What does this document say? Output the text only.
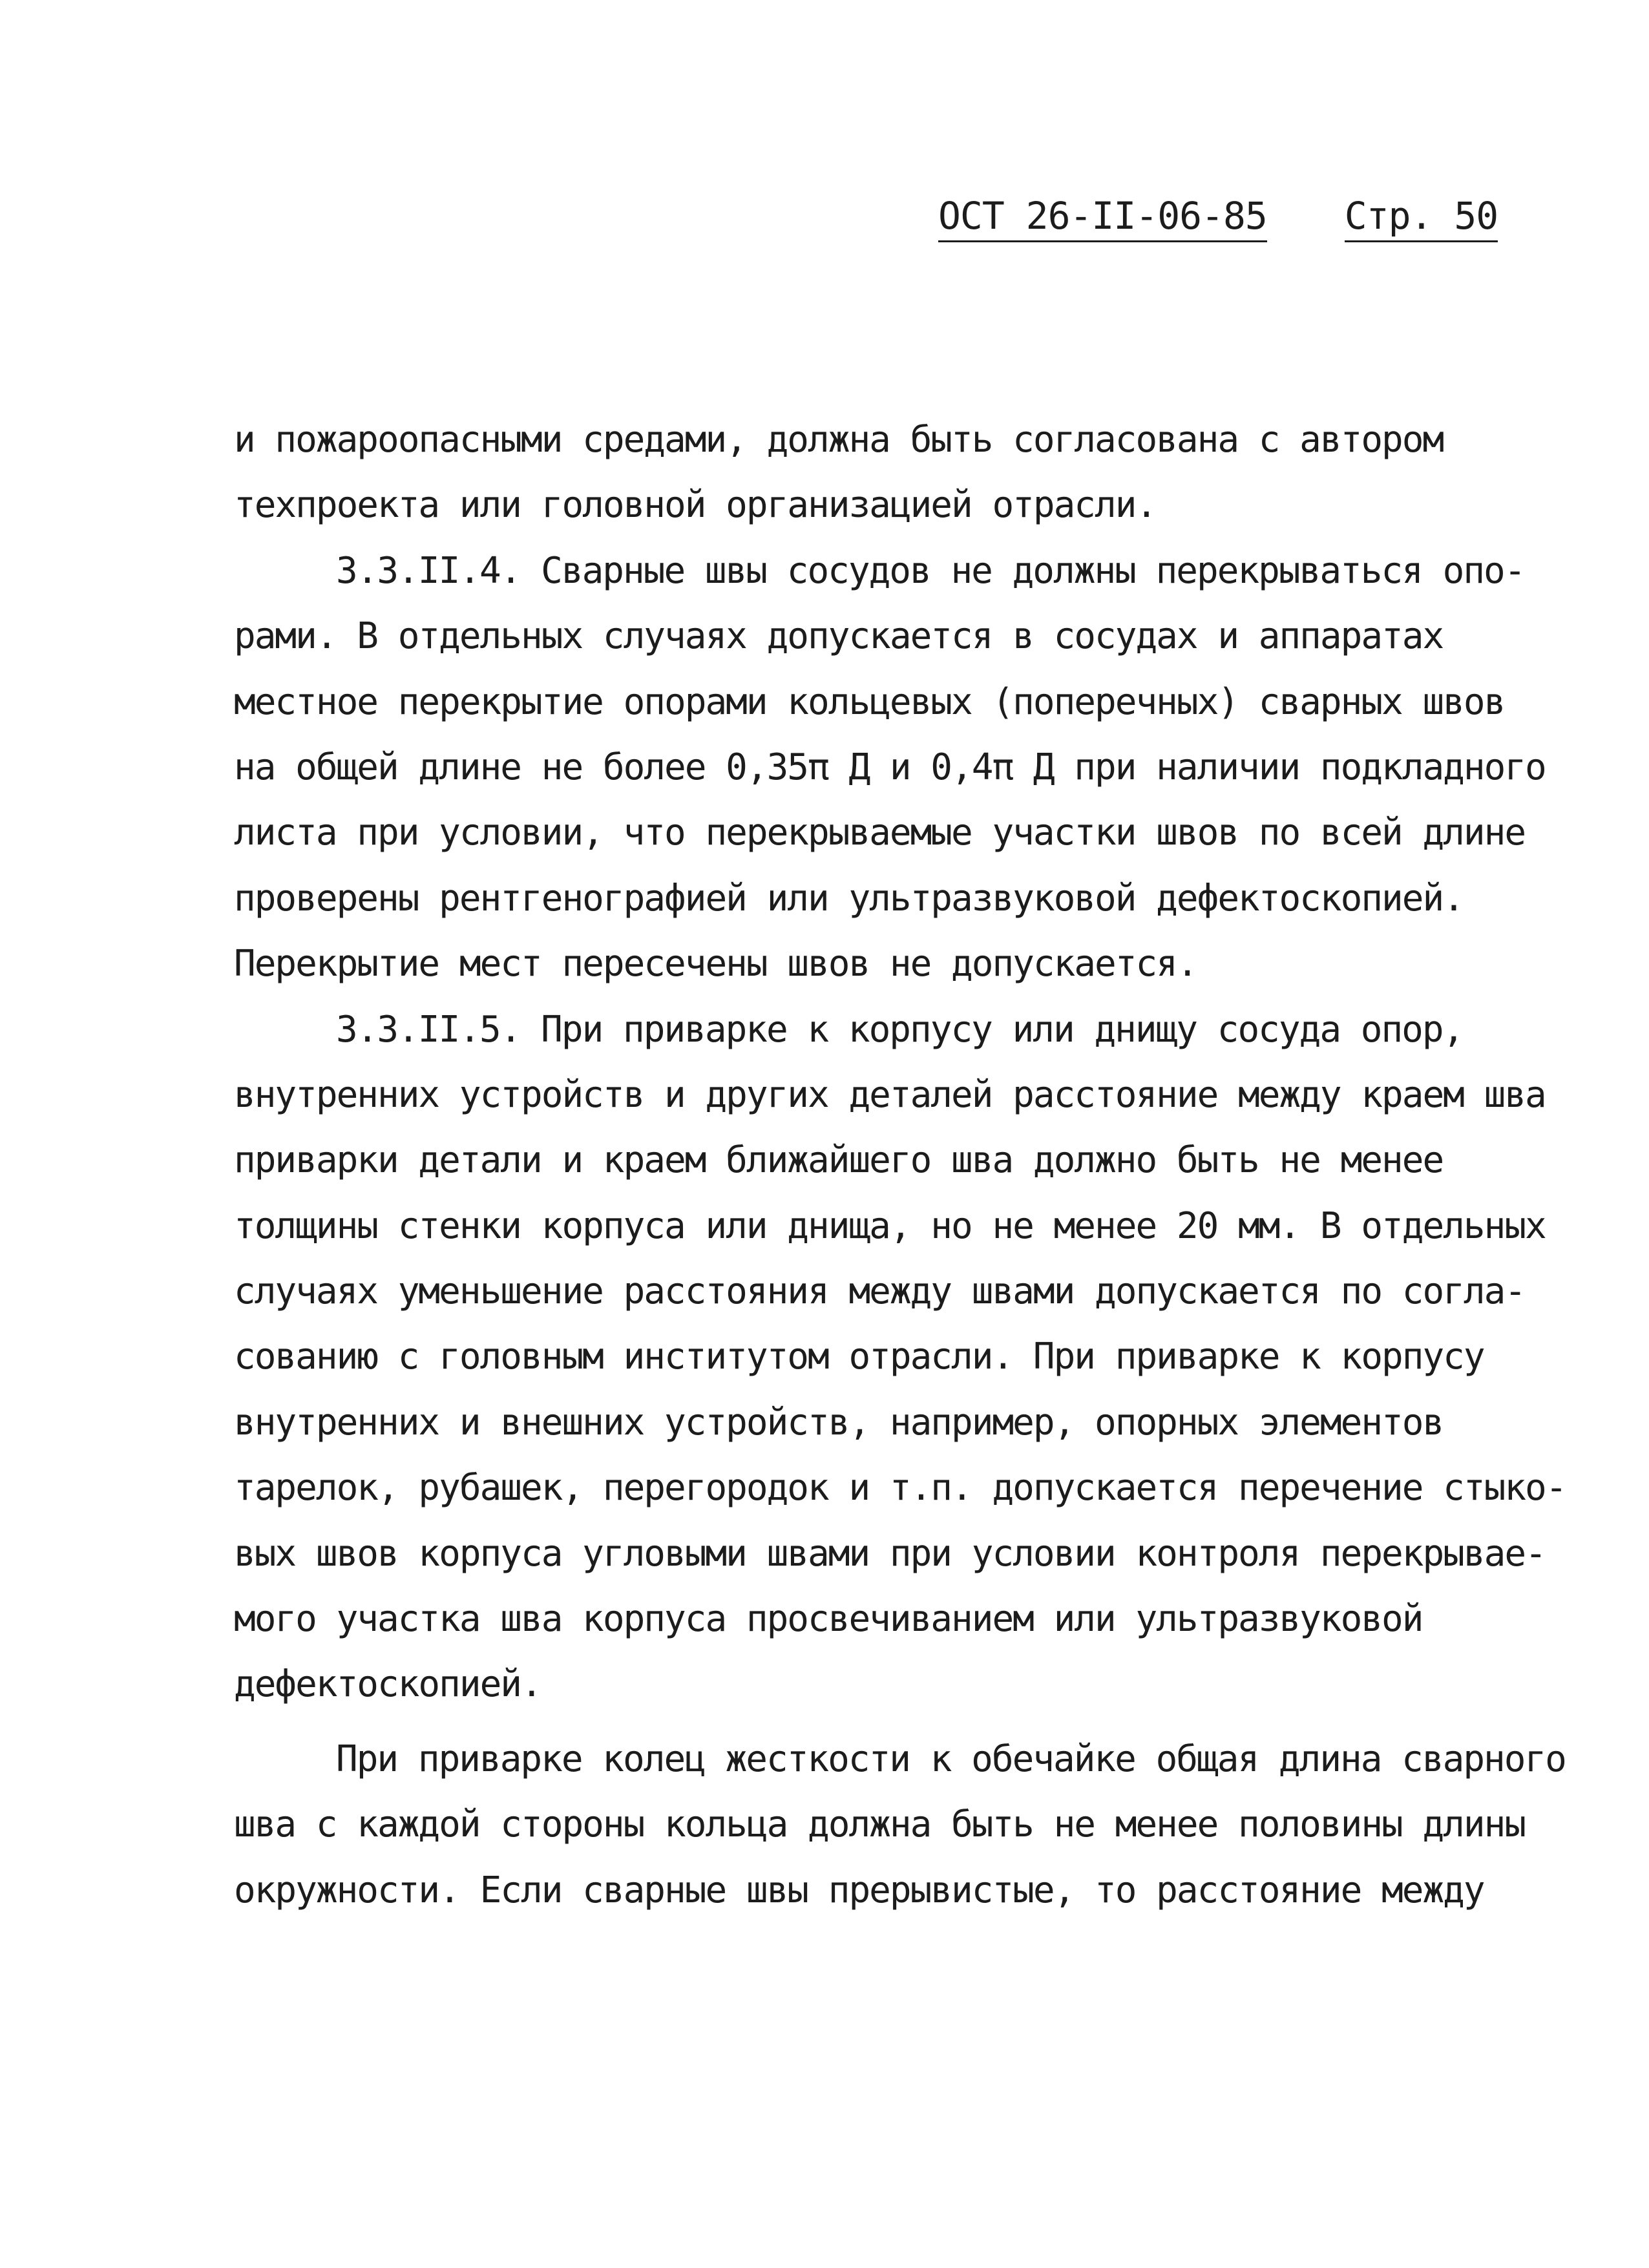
ОСТ 26-II-06-85 Стр. 50
и пожароопасными средами, должна быть согласована с автором
техпроекта или головной организацией отрасли.
3.3.II.4. Сварные швы сосудов не должны перекрываться опо-
рами. В отдельных случаях допускается в сосудах и аппаратах
местное перекрытие опорами кольцевых (поперечных) сварных швов
на общей длине не более 0,35π Д и 0,4π Д при наличии подкладного
листа при условии, что перекрываемые участки швов по всей длине
проверены рентгенографией или ультразвуковой дефектоскопией.
Перекрытие мест пересечены швов не допускается.
3.3.II.5. При приварке к корпусу или днищу сосуда опор,
внутренних устройств и других деталей расстояние между краем шва
приварки детали и краем ближайшего шва должно быть не менее
толщины стенки корпуса или днища, но не менее 20 мм. В отдельных
случаях уменьшение расстояния между швами допускается по согла-
сованию с головным институтом отрасли. При приварке к корпусу
внутренних и внешних устройств, например, опорных элементов
тарелок, рубашек, перегородок и т.п. допускается перечение стыко-
вых швов корпуса угловыми швами при условии контроля перекрывае-
мого участка шва корпуса просвечиванием или ультразвуковой
дефектоскопией.
При приварке колец жесткости к обечайке общая длина сварного
шва с каждой стороны кольца должна быть не менее половины длины
окружности. Если сварные швы прерывистые, то расстояние между
